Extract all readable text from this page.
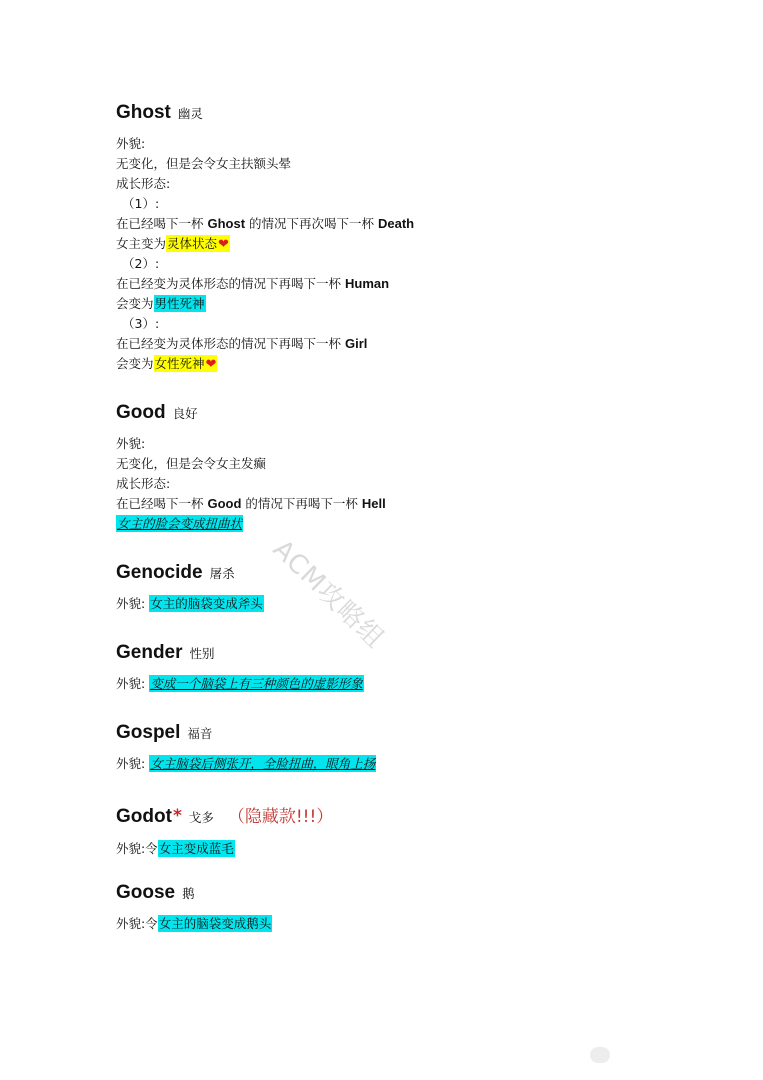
Ghost 幽灵
外貌:
无变化，但是会令女主扶额头晕
成长形态:
（1）:
在已经喝下一杯 Ghost 的情况下再次喝下一杯 Death
女主变为灵体状态❤
（2）:
在已经变为灵体形态的情况下再喝下一杯 Human
会变为男性死神
（3）:
在已经变为灵体形态的情况下再喝下一杯 Girl
会变为女性死神❤
Good 良好
外貌:
无变化，但是会令女主发癫
成长形态:
在已经喝下一杯 Good 的情况下再喝下一杯 Hell
女主的脸会变成扭曲状
Genocide 屠杀
外貌: 女主的脑袋变成斧头
Gender 性别
外貌: 变成一个脑袋上有三种颜色的虚影形象
Gospel 福音
外貌: 女主脑袋后侧张开，全脸扭曲，眼角上扬
Godot * 戈多 （隐藏款!!!）
外貌:令女主变成蓝毛
Goose 鹅
外貌:令女主的脑袋变成鹅头
ACM攻略组
